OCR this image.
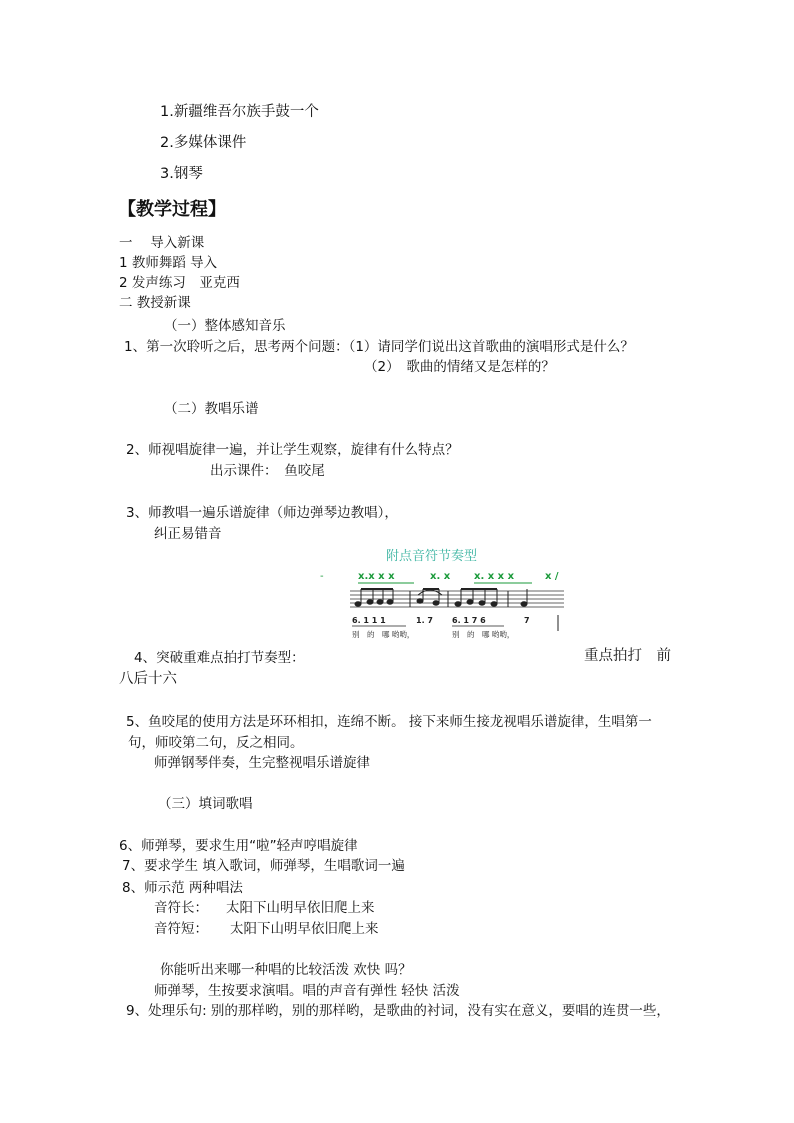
1.新疆维吾尔族手鼓一个
2.多媒体课件
3.钢琴
【教学过程】
一　 导入新课
1 教师舞蹈 导入
2 发声练习　亚克西
二 教授新课
（一）整体感知音乐
1、第一次聆听之后，思考两个问题：（1）请同学们说出这首歌曲的演唱形式是什么？
（2）　歌曲的情绪又是怎样的？
（二）教唱乐谱
2、师视唱旋律一遍，并让学生观察，旋律有什么特点？
出示课件：　鱼咬尾
3、师教唱一遍乐谱旋律（师边弹琴边教唱），
纠正易错音
附点音符节奏型
-	x.x x x	x. x x. x x x	x /
6. 1 1 1	1. 7 6. 1 7 6	7
别　的　哪 哟哟，	别　的　哪 哟哟，
4、突破重难点拍打节奏型：	重点拍打　前
八后十六
5、鱼咬尾的使用方法是环环相扣，连绵不断。 接下来师生接龙视唱乐谱旋律，生唱第一
句，师咬第二句，反之相同。
师弹钢琴伴奏，生完整视唱乐谱旋律
（三）填词歌唱
6、师弹琴，要求生用“啦”轻声哼唱旋律
7、要求学生 填入歌词，师弹琴，生唱歌词一遍
8、师示范 两种唱法
音符长： 太阳下山明早依旧爬上来
音符短： 太阳下山明早依旧爬上来
你能听出来哪一种唱的比较活泼 欢快 吗？
师弹琴，生按要求演唱。唱的声音有弹性 轻快 活泼
9、处理乐句: 别的那样哟，别的那样哟，是歌曲的衬词，没有实在意义，要唱的连贯一些，
